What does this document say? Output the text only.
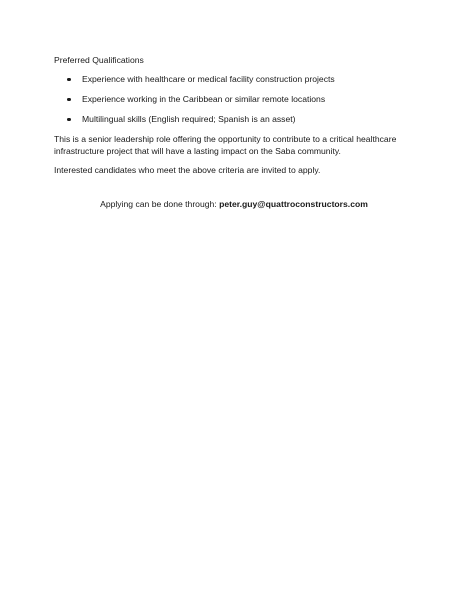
Preferred Qualifications

Experience with healthcare or medical facility construction projects
Experience working in the Caribbean or similar remote locations
Multilingual skills (English required; Spanish is an asset)

This is a senior leadership role offering the opportunity to contribute to a critical healthcare infrastructure project that will have a lasting impact on the Saba community.

Interested candidates who meet the above criteria are invited to apply.

Applying can be done through: peter.guy@quattroconstructors.com
